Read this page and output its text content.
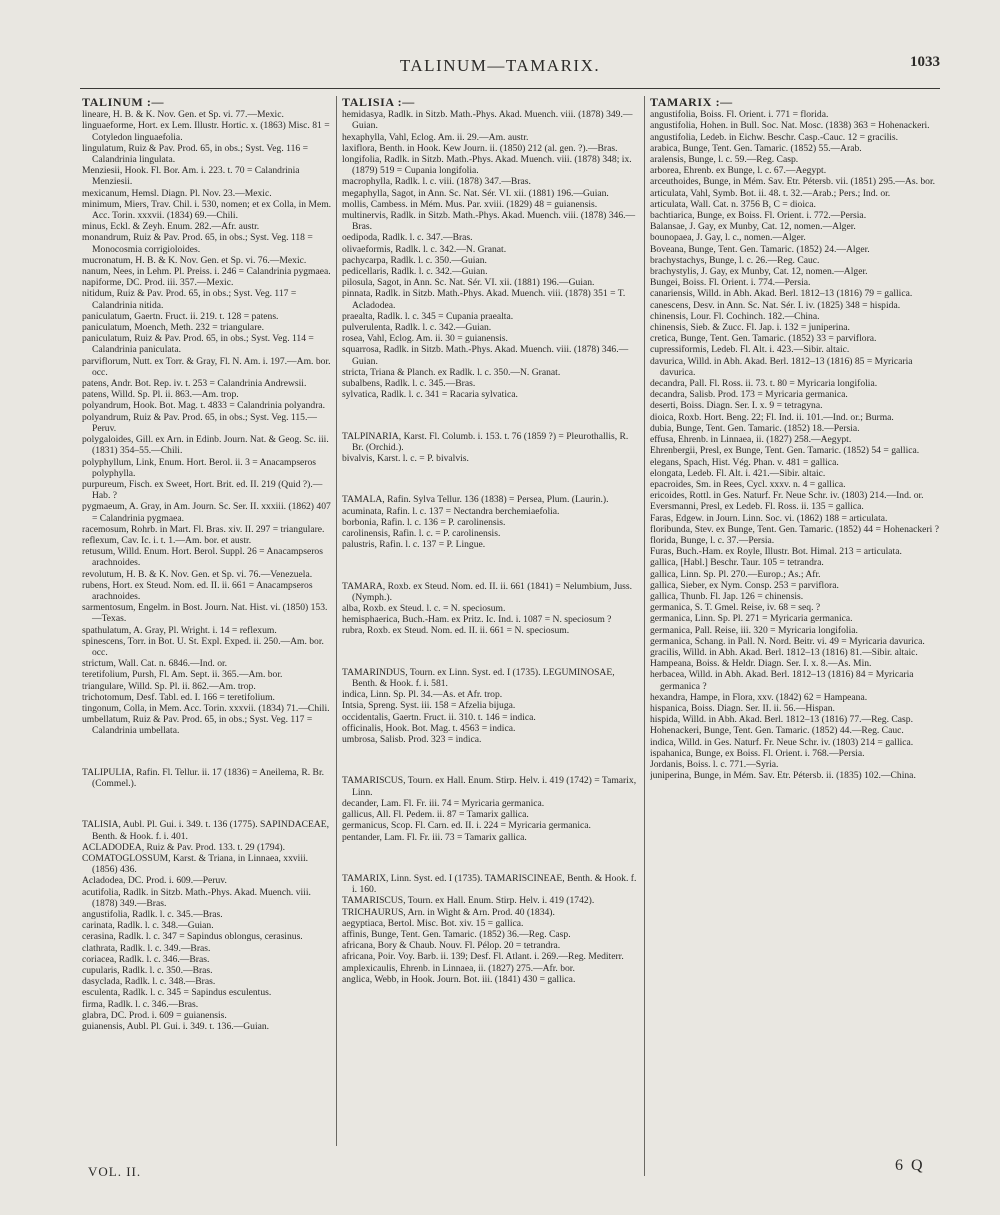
TALINUM—TAMARIX.	1033

TALINUM :—

lineare, H. B. & K. Nov. Gen. et Sp. vi. 77.—Mexic.

linguaeforme, Hort. ex Lem. Illustr. Hortic. x. (1863) Misc. 81 = Cotyledon linguaefolia.

lingulatum, Ruiz & Pav. Prod. 65, in obs.; Syst. Veg. 116 = Calandrinia lingulata.

Menziesii, Hook. Fl. Bor. Am. i. 223. t. 70 = Calandrinia Menziesii.

mexicanum, Hemsl. Diagn. Pl. Nov. 23.—Mexic.

minimum, Miers, Trav. Chil. i. 530, nomen; et ex Colla, in Mem. Acc. Torin. xxxvii. (1834) 69.—Chili.

minus, Eckl. & Zeyh. Enum. 282.—Afr. austr.

monandrum, Ruiz & Pav. Prod. 65, in obs.; Syst. Veg. 118 = Monocosmia corrigioloides.

mucronatum, H. B. & K. Nov. Gen. et Sp. vi. 76.—Mexic.

nanum, Nees, in Lehm. Pl. Preiss. i. 246 = Calandrinia pygmaea.

napiforme, DC. Prod. iii. 357.—Mexic.

nitidum, Ruiz & Pav. Prod. 65, in obs.; Syst. Veg. 117 = Calandrinia nitida.

paniculatum, Gaertn. Fruct. ii. 219. t. 128 = patens.

paniculatum, Moench, Meth. 232 = triangulare.

paniculatum, Ruiz & Pav. Prod. 65, in obs.; Syst. Veg. 114 = Calandrinia paniculata.

parviflorum, Nutt. ex Torr. & Gray, Fl. N. Am. i. 197.—Am. bor. occ.

patens, Andr. Bot. Rep. iv. t. 253 = Calandrinia Andrewsii.

patens, Willd. Sp. Pl. ii. 863.—Am. trop.

polyandrum, Hook. Bot. Mag. t. 4833 = Calandrinia polyandra.

polyandrum, Ruiz & Pav. Prod. 65, in obs.; Syst. Veg. 115.—Peruv.

polygaloides, Gill. ex Arn. in Edinb. Journ. Nat. & Geog. Sc. iii. (1831) 354–55.—Chili.

polyphyllum, Link, Enum. Hort. Berol. ii. 3 = Anacampseros polyphylla.

purpureum, Fisch. ex Sweet, Hort. Brit. ed. II. 219 (Quid ?).—Hab. ?

pygmaeum, A. Gray, in Am. Journ. Sc. Ser. II. xxxiii. (1862) 407 = Calandrinia pygmaea.

racemosum, Rohrb. in Mart. Fl. Bras. xiv. II. 297 = triangulare.

reflexum, Cav. Ic. i. t. 1.—Am. bor. et austr.

retusum, Willd. Enum. Hort. Berol. Suppl. 26 = Anacampseros arachnoides.

revolutum, H. B. & K. Nov. Gen. et Sp. vi. 76.—Venezuela.

rubens, Hort. ex Steud. Nom. ed. II. ii. 661 = Anacampseros arachnoides.

sarmentosum, Engelm. in Bost. Journ. Nat. Hist. vi. (1850) 153.—Texas.

spathulatum, A. Gray, Pl. Wright. i. 14 = reflexum.

spinescens, Torr. in Bot. U. St. Expl. Exped. ii. 250.—Am. bor. occ.

strictum, Wall. Cat. n. 6846.—Ind. or.

teretifolium, Pursh, Fl. Am. Sept. ii. 365.—Am. bor.

triangulare, Willd. Sp. Pl. ii. 862.—Am. trop.

trichotomum, Desf. Tabl. ed. I. 166 = teretifolium.

tingonum, Colla, in Mem. Acc. Torin. xxxvii. (1834) 71.—Chili.

umbellatum, Ruiz & Pav. Prod. 65, in obs.; Syst. Veg. 117 = Calandrinia umbellata.

TALIPULIA, Rafin. Fl. Tellur. ii. 17 (1836) = Aneilema, R. Br. (Commel.).

TALISIA, Aubl. Pl. Gui. i. 349. t. 136 (1775). SAPINDACEAE, Benth. & Hook. f. i. 401.

ACLADODEA, Ruiz & Pav. Prod. 133. t. 29 (1794).

COMATOGLOSSUM, Karst. & Triana, in Linnaea, xxviii. (1856) 436.

Acladodea, DC. Prod. i. 609.—Peruv.

acutifolia, Radlk. in Sitzb. Math.-Phys. Akad. Muench. viii. (1878) 349.—Bras.

angustifolia, Radlk. l. c. 345.—Bras.

carinata, Radlk. l. c. 348.—Guian.

cerasina, Radlk. l. c. 347 = Sapindus oblongus, cerasinus.

clathrata, Radlk. l. c. 349.—Bras.

coriacea, Radlk. l. c. 346.—Bras.

cupularis, Radlk. l. c. 350.—Bras.

dasyclada, Radlk. l. c. 348.—Bras.

esculenta, Radlk. l. c. 345 = Sapindus esculentus.

firma, Radlk. l. c. 346.—Bras.

glabra, DC. Prod. i. 609 = guianensis.

guianensis, Aubl. Pl. Gui. i. 349. t. 136.—Guian.

TALISIA :—

hemidasya, Radlk. in Sitzb. Math.-Phys. Akad. Muench. viii. (1878) 349.—Guian.

hexaphylla, Vahl, Eclog. Am. ii. 29.—Am. austr.

laxiflora, Benth. in Hook. Kew Journ. ii. (1850) 212 (al. gen. ?).—Bras.

longifolia, Radlk. in Sitzb. Math.-Phys. Akad. Muench. viii. (1878) 348; ix. (1879) 519 = Cupania longifolia.

macrophylla, Radlk. l. c. viii. (1878) 347.—Bras.

megaphylla, Sagot, in Ann. Sc. Nat. Sér. VI. xii. (1881) 196.—Guian.

mollis, Cambess. in Mém. Mus. Par. xviii. (1829) 48 = guianensis.

multinervis, Radlk. in Sitzb. Math.-Phys. Akad. Muench. viii. (1878) 346.—Bras.

oedipoda, Radlk. l. c. 347.—Bras.

olivaeformis, Radlk. l. c. 342.—N. Granat.

pachycarpa, Radlk. l. c. 350.—Guian.

pedicellaris, Radlk. l. c. 342.—Guian.

pilosula, Sagot, in Ann. Sc. Nat. Sér. VI. xii. (1881) 196.—Guian.

pinnata, Radlk. in Sitzb. Math.-Phys. Akad. Muench. viii. (1878) 351 = T. Acladodea.

praealta, Radlk. l. c. 345 = Cupania praealta.

pulverulenta, Radlk. l. c. 342.—Guian.

rosea, Vahl, Eclog. Am. ii. 30 = guianensis.

squarrosa, Radlk. in Sitzb. Math.-Phys. Akad. Muench. viii. (1878) 346.—Guian.

stricta, Triana & Planch. ex Radlk. l. c. 350.—N. Granat.

subalbens, Radlk. l. c. 345.—Bras.

sylvatica, Radlk. l. c. 341 = Racaria sylvatica.

TALPINARIA, Karst. Fl. Columb. i. 153. t. 76 (1859 ?) = Pleurothallis, R. Br. (Orchid.).

bivalvis, Karst. l. c. = P. bivalvis.

TAMALA, Rafin. Sylva Tellur. 136 (1838) = Persea, Plum. (Laurin.).

acuminata, Rafin. l. c. 137 = Nectandra berchemiaefolia.

borbonia, Rafin. l. c. 136 = P. carolinensis.

carolinensis, Rafin. l. c. = P. carolinensis.

palustris, Rafin. l. c. 137 = P. Lingue.

TAMARA, Roxb. ex Steud. Nom. ed. II. ii. 661 (1841) = Nelumbium, Juss. (Nymph.).

alba, Roxb. ex Steud. l. c. = N. speciosum.

hemisphaerica, Buch.-Ham. ex Pritz. Ic. Ind. i. 1087 = N. speciosum ?

rubra, Roxb. ex Steud. Nom. ed. II. ii. 661 = N. speciosum.

TAMARINDUS, Tourn. ex Linn. Syst. ed. I (1735). LEGUMINOSAE, Benth. & Hook. f. i. 581.

indica, Linn. Sp. Pl. 34.—As. et Afr. trop.

Intsia, Spreng. Syst. iii. 158 = Afzelia bijuga.

occidentalis, Gaertn. Fruct. ii. 310. t. 146 = indica.

officinalis, Hook. Bot. Mag. t. 4563 = indica.

umbrosa, Salisb. Prod. 323 = indica.

TAMARISCUS, Tourn. ex Hall. Enum. Stirp. Helv. i. 419 (1742) = Tamarix, Linn.

decander, Lam. Fl. Fr. iii. 74 = Myricaria germanica.

gallicus, All. Fl. Pedem. ii. 87 = Tamarix gallica.

germanicus, Scop. Fl. Carn. ed. II. i. 224 = Myricaria germanica.

pentander, Lam. Fl. Fr. iii. 73 = Tamarix gallica.

TAMARIX, Linn. Syst. ed. I (1735). TAMARISCINEAE, Benth. & Hook. f. i. 160.

TAMARISCUS, Tourn. ex Hall. Enum. Stirp. Helv. i. 419 (1742).

TRICHAURUS, Arn. in Wight & Arn. Prod. 40 (1834).

aegyptiaca, Bertol. Misc. Bot. xiv. 15 = gallica.

affinis, Bunge, Tent. Gen. Tamaric. (1852) 36.—Reg. Casp.

africana, Bory & Chaub. Nouv. Fl. Pélop. 20 = tetrandra.

africana, Poir. Voy. Barb. ii. 139; Desf. Fl. Atlant. i. 269.—Reg. Mediterr.

amplexicaulis, Ehrenb. in Linnaea, ii. (1827) 275.—Afr. bor.

anglica, Webb, in Hook. Journ. Bot. iii. (1841) 430 = gallica.

TAMARIX :—

angustifolia, Boiss. Fl. Orient. i. 771 = florida.

angustifolia, Hohen. in Bull. Soc. Nat. Mosc. (1838) 363 = Hohenackeri.

angustifolia, Ledeb. in Eichw. Beschr. Casp.-Cauc. 12 = gracilis.

arabica, Bunge, Tent. Gen. Tamaric. (1852) 55.—Arab.

aralensis, Bunge, l. c. 59.—Reg. Casp.

arborea, Ehrenb. ex Bunge, l. c. 67.—Aegypt.

arceuthoides, Bunge, in Mém. Sav. Etr. Pétersb. vii. (1851) 295.—As. bor.

articulata, Vahl, Symb. Bot. ii. 48. t. 32.—Arab.; Pers.; Ind. or.

articulata, Wall. Cat. n. 3756 B, C = dioica.

bachtiarica, Bunge, ex Boiss. Fl. Orient. i. 772.—Persia.

Balansae, J. Gay, ex Munby, Cat. 12, nomen.—Alger.

bounopaea, J. Gay, l. c., nomen.—Alger.

Boveana, Bunge, Tent. Gen. Tamaric. (1852) 24.—Alger.

brachystachys, Bunge, l. c. 26.—Reg. Cauc.

brachystylis, J. Gay, ex Munby, Cat. 12, nomen.—Alger.

Bungei, Boiss. Fl. Orient. i. 774.—Persia.

canariensis, Willd. in Abh. Akad. Berl. 1812–13 (1816) 79 = gallica.

canescens, Desv. in Ann. Sc. Nat. Sér. I. iv. (1825) 348 = hispida.

chinensis, Lour. Fl. Cochinch. 182.—China.

chinensis, Sieb. & Zucc. Fl. Jap. i. 132 = juniperina.

cretica, Bunge, Tent. Gen. Tamaric. (1852) 33 = parviflora.

cupressiformis, Ledeb. Fl. Alt. i. 423.—Sibir. altaic.

davurica, Willd. in Abh. Akad. Berl. 1812–13 (1816) 85 = Myricaria davurica.

decandra, Pall. Fl. Ross. ii. 73. t. 80 = Myricaria longifolia.

decandra, Salisb. Prod. 173 = Myricaria germanica.

deserti, Boiss. Diagn. Ser. I. x. 9 = tetragyna.

dioica, Roxb. Hort. Beng. 22; Fl. Ind. ii. 101.—Ind. or.; Burma.

dubia, Bunge, Tent. Gen. Tamaric. (1852) 18.—Persia.

effusa, Ehrenb. in Linnaea, ii. (1827) 258.—Aegypt.

Ehrenbergii, Presl, ex Bunge, Tent. Gen. Tamaric. (1852) 54 = gallica.

elegans, Spach, Hist. Vég. Phan. v. 481 = gallica.

elongata, Ledeb. Fl. Alt. i. 421.—Sibir. altaic.

epacroides, Sm. in Rees, Cycl. xxxv. n. 4 = gallica.

ericoides, Rottl. in Ges. Naturf. Fr. Neue Schr. iv. (1803) 214.—Ind. or.

Eversmanni, Presl, ex Ledeb. Fl. Ross. ii. 135 = gallica.

Faras, Edgew. in Journ. Linn. Soc. vi. (1862) 188 = articulata.

floribunda, Stev. ex Bunge, Tent. Gen. Tamaric. (1852) 44 = Hohenackeri ?

florida, Bunge, l. c. 37.—Persia.

Furas, Buch.-Ham. ex Royle, Illustr. Bot. Himal. 213 = articulata.

gallica, [Habl.] Beschr. Taur. 105 = tetrandra.

gallica, Linn. Sp. Pl. 270.—Europ.; As.; Afr.

gallica, Sieber, ex Nym. Consp. 253 = parviflora.

gallica, Thunb. Fl. Jap. 126 = chinensis.

germanica, S. T. Gmel. Reise, iv. 68 = seq. ?

germanica, Linn. Sp. Pl. 271 = Myricaria germanica.

germanica, Pall. Reise, iii. 320 = Myricaria longifolia.

germanica, Schang. in Pall. N. Nord. Beitr. vi. 49 = Myricaria davurica.

gracilis, Willd. in Abh. Akad. Berl. 1812–13 (1816) 81.—Sibir. altaic.

Hampeana, Boiss. & Heldr. Diagn. Ser. I. x. 8.—As. Min.

herbacea, Willd. in Abh. Akad. Berl. 1812–13 (1816) 84 = Myricaria germanica ?

hexandra, Hampe, in Flora, xxv. (1842) 62 = Hampeana.

hispanica, Boiss. Diagn. Ser. II. ii. 56.—Hispan.

hispida, Willd. in Abh. Akad. Berl. 1812–13 (1816) 77.—Reg. Casp.

Hohenackeri, Bunge, Tent. Gen. Tamaric. (1852) 44.—Reg. Cauc.

indica, Willd. in Ges. Naturf. Fr. Neue Schr. iv. (1803) 214 = gallica.

ispahanica, Bunge, ex Boiss. Fl. Orient. i. 768.—Persia.

Jordanis, Boiss. l. c. 771.—Syria.

juniperina, Bunge, in Mém. Sav. Etr. Pétersb. ii. (1835) 102.—China.

VOL. II.	6 Q
